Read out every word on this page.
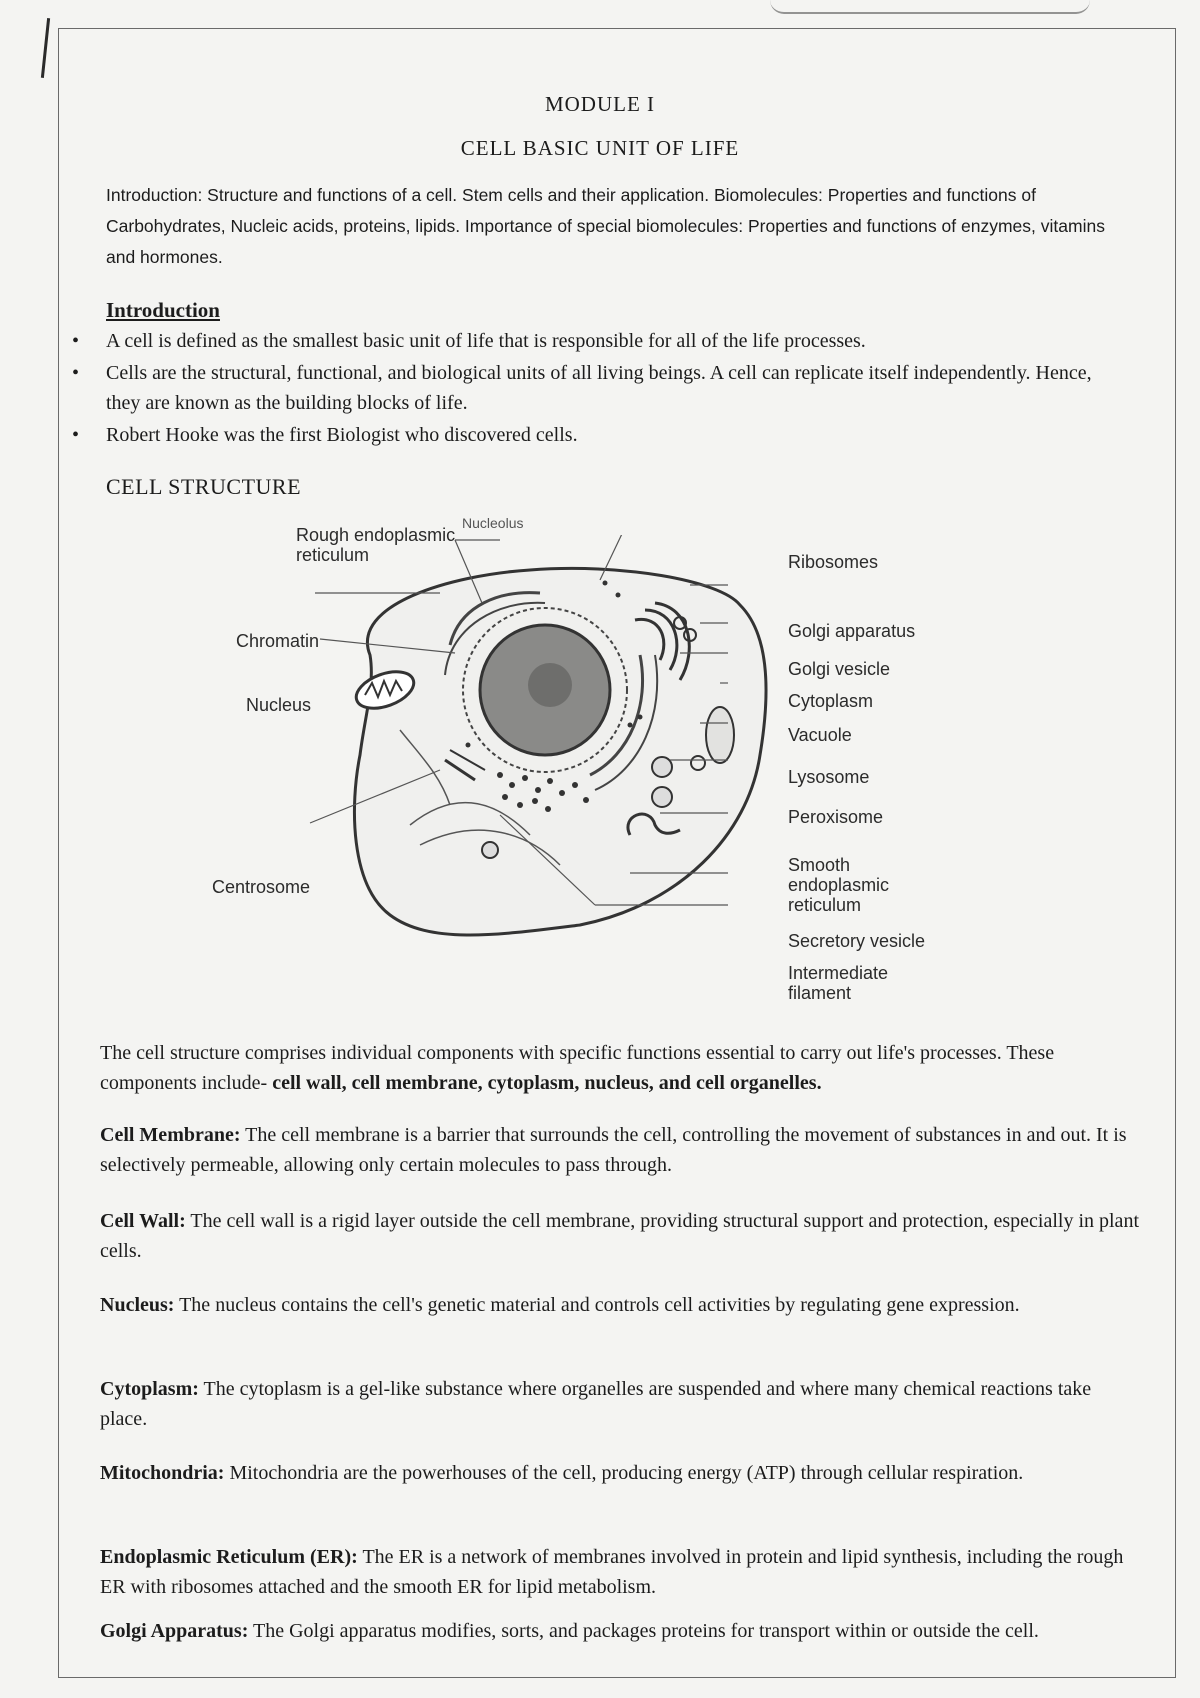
MODULE I
CELL BASIC UNIT OF LIFE
Introduction: Structure and functions of a cell. Stem cells and their application. Biomolecules: Properties and functions of Carbohydrates, Nucleic acids, proteins, lipids. Importance of special biomolecules: Properties and functions of enzymes, vitamins and hormones.
Introduction
• A cell is defined as the smallest basic unit of life that is responsible for all of the life processes.
• Cells are the structural, functional, and biological units of all living beings. A cell can replicate itself independently. Hence, they are known as the building blocks of life.
• Robert Hooke was the first Biologist who discovered cells.
CELL STRUCTURE
Nucleolus
Rough endoplasmic reticulum
Chromatin
Nucleus
Centrosome
Ribosomes
Golgi apparatus
Golgi vesicle
Cytoplasm
Vacuole
Lysosome
Peroxisome
Smooth endoplasmic reticulum
Secretory vesicle
Intermediate filament
The cell structure comprises individual components with specific functions essential to carry out life's processes. These components include- cell wall, cell membrane, cytoplasm, nucleus, and cell organelles.
Cell Membrane: The cell membrane is a barrier that surrounds the cell, controlling the movement of substances in and out. It is selectively permeable, allowing only certain molecules to pass through.
Cell Wall: The cell wall is a rigid layer outside the cell membrane, providing structural support and protection, especially in plant cells.
Nucleus: The nucleus contains the cell's genetic material and controls cell activities by regulating gene expression.
Cytoplasm: The cytoplasm is a gel-like substance where organelles are suspended and where many chemical reactions take place.
Mitochondria: Mitochondria are the powerhouses of the cell, producing energy (ATP) through cellular respiration.
Endoplasmic Reticulum (ER): The ER is a network of membranes involved in protein and lipid synthesis, including the rough ER with ribosomes attached and the smooth ER for lipid metabolism.
Golgi Apparatus: The Golgi apparatus modifies, sorts, and packages proteins for transport within or outside the cell.
